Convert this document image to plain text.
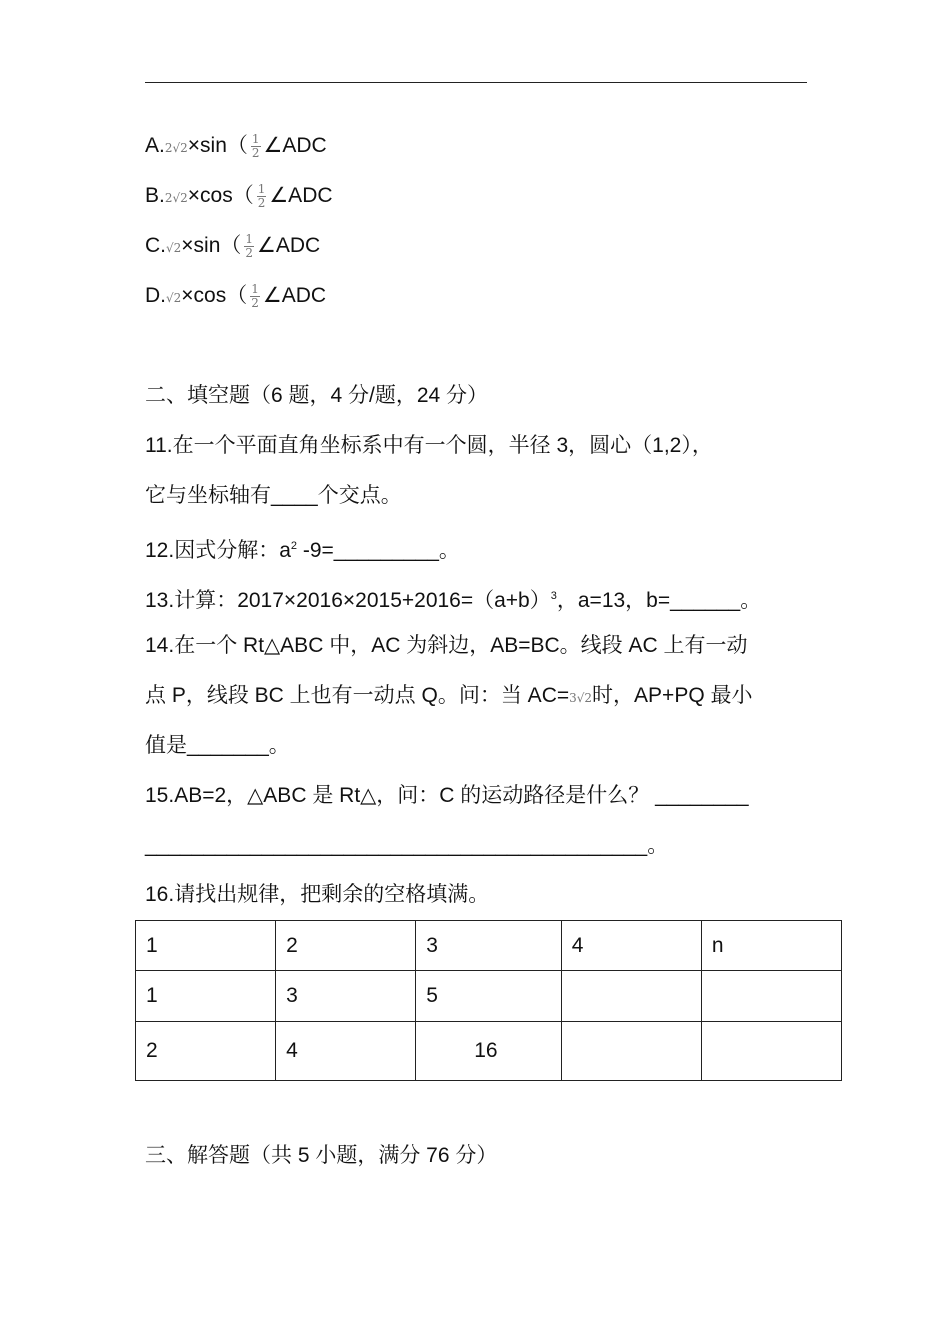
$A.2√2\times\sin( \frac{1}{2}$ ∠ADC
$B.2√2\times\cos( \frac{1}{2}$ ∠ADC
$C.√2\times\sin( \frac{1}{2}$ ∠ADC
$D.√2\times\cos( \frac{1}{2}$ ∠ADC
二、填空题（6 题，4 分/题，24 分）
11.在一个平面直角坐标系中有一个圆，半径 3，圆心（1,2），
它与坐标轴有____个交点。
12.因式分解：$a^2$ -9=_________。
13.计算：$2017\times 2016\times 2015+2016=(a+b)^3$，a=13，b=______。
14.在一个 Rt△ABC 中，AC 为斜边，AB=BC。线段 AC 上有一动
点 P，线段 BC 上也有一动点 Q。问：当 AC=3√2时，AP+PQ 最小
值是_______。
15.AB=2，△ABC 是 Rt△，问：C 的运动路径是什么？ ________
___________________________________________。
16.请找出规律，把剩余的空格填满。
1	2	3	4	n
1	3	5		
2	4	16		
三、解答题（共 5 小题，满分 76 分）
